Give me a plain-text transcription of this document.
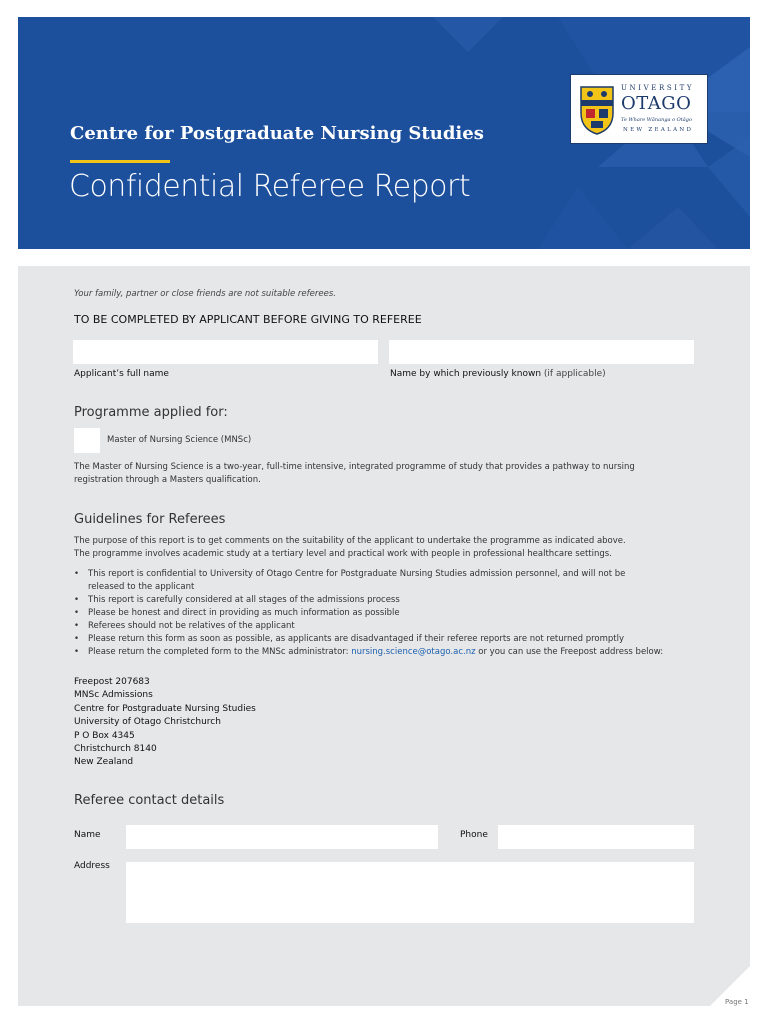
UNIVERSITY
OTAGO
Te Whare Wānanga o Otāgo
NEW ZEALAND
Centre for Postgraduate Nursing Studies
Confidential Referee Report
Your family, partner or close friends are not suitable referees.
TO BE COMPLETED BY APPLICANT BEFORE GIVING TO REFEREE
Applicant’s full name	Name by which previously known (if applicable)
Programme applied for:
Master of Nursing Science (MNSc)
The Master of Nursing Science is a two-year, full-time intensive, integrated programme of study that provides a pathway to nursing
registration through a Masters qualification.
Guidelines for Referees
The purpose of this report is to get comments on the suitability of the applicant to undertake the programme as indicated above.
The programme involves academic study at a tertiary level and practical work with people in professional healthcare settings.
•	This report is confidential to University of Otago Centre for Postgraduate Nursing Studies admission personnel, and will not be
released to the applicant
•	This report is carefully considered at all stages of the admissions process
•	Please be honest and direct in providing as much information as possible
•	Referees should not be relatives of the applicant
•	Please return this form as soon as possible, as applicants are disadvantaged if their referee reports are not returned promptly
•	Please return the completed form to the MNSc administrator: nursing.science@otago.ac.nz or you can use the Freepost address below:
Freepost 207683
MNSc Admissions
Centre for Postgraduate Nursing Studies
University of Otago Christchurch
P O Box 4345
Christchurch 8140
New Zealand
Referee contact details
Name	Phone
Address
Page 1
